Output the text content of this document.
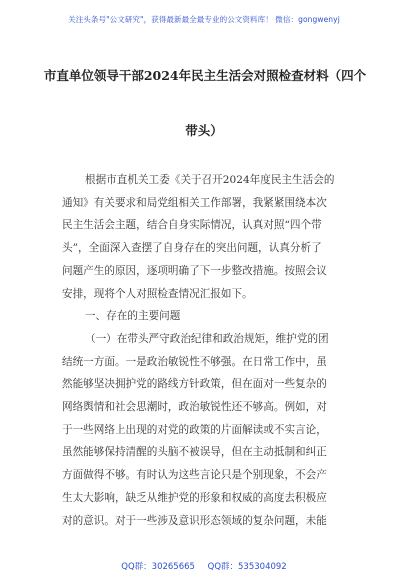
关注头条号"公文研究"，获得最新最全最专业的公文资料库！ 微信：gongwenyj
市直单位领导干部2024年民主生活会对照检查材料（四个
带头）
根据市直机关工委《关于召开2024年度民主生活会的
通知》有关要求和局党组相关工作部署，我紧紧围绕本次
民主生活会主题，结合自身实际情况，认真对照“四个带
头”，全面深入查摆了自身存在的突出问题，认真分析了
问题产生的原因，逐项明确了下一步整改措施。按照会议
安排，现将个人对照检查情况汇报如下。
一、存在的主要问题
（一）在带头严守政治纪律和政治规矩，维护党的团
结统一方面。一是政治敏锐性不够强。在日常工作中，虽
然能够坚决拥护党的路线方针政策，但在面对一些复杂的
网络舆情和社会思潮时，政治敏锐性还不够高。例如，对
于一些网络上出现的对党的政策的片面解读或不实言论，
虽然能够保持清醒的头脑不被误导，但在主动抵制和纠正
方面做得不够。有时认为这些言论只是个别现象，不会产
生太大影响，缺乏从维护党的形象和权威的高度去积极应
对的意识。对于一些涉及意识形态领域的复杂问题，未能
QQ群：30265665 QQ群：535304092
